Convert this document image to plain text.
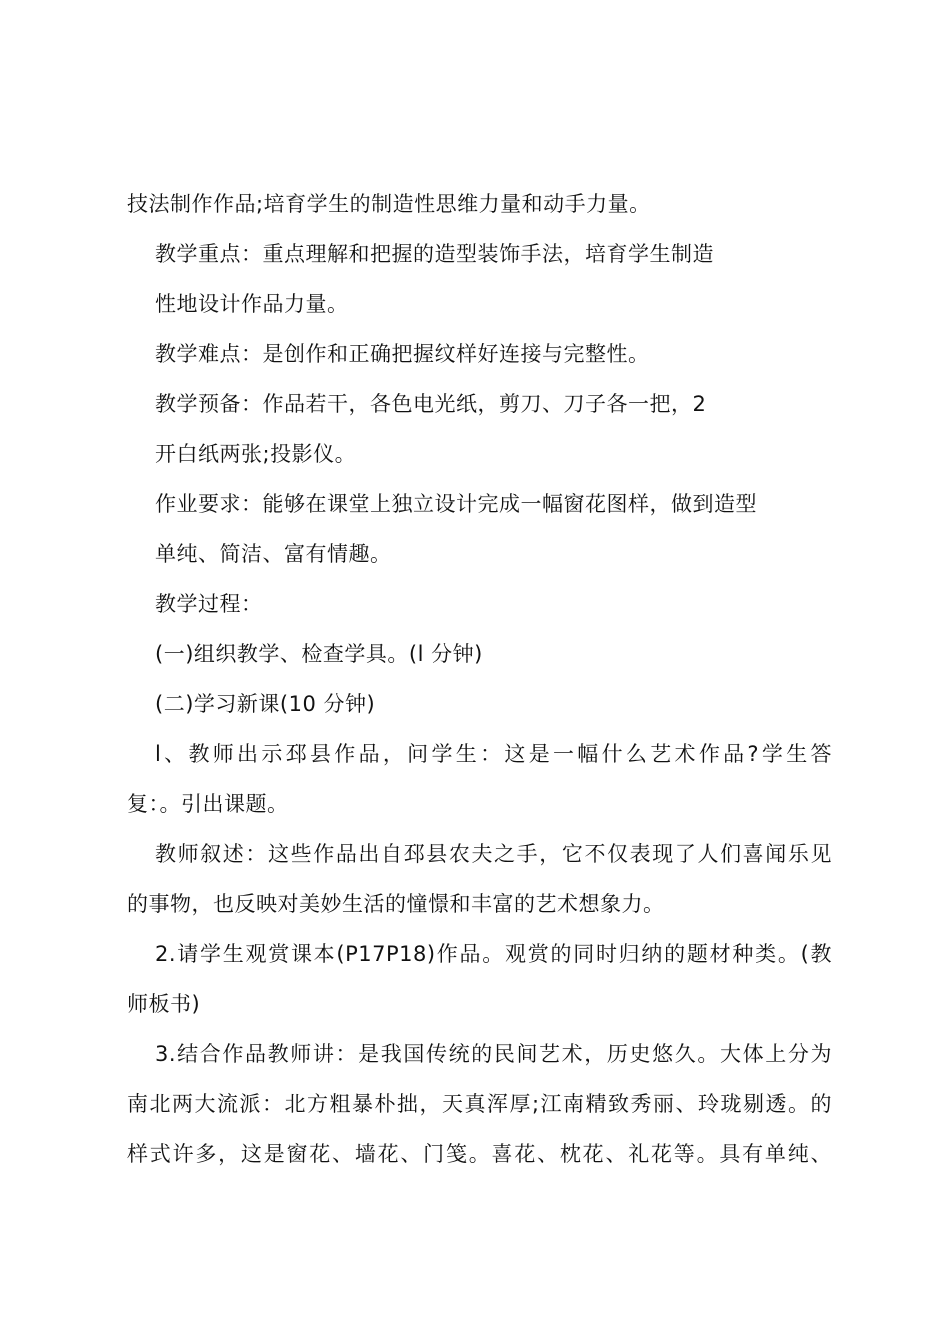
技法制作作品;培育学生的制造性思维力量和动手力量。
教学重点：重点理解和把握的造型装饰手法，培育学生制造
性地设计作品力量。
教学难点：是创作和正确把握纹样好连接与完整性。
教学预备：作品若干，各色电光纸，剪刀、刀子各一把，2
开白纸两张;投影仪。
作业要求：能够在课堂上独立设计完成一幅窗花图样，做到造型
单纯、简洁、富有情趣。
教学过程：
(一)组织教学、检查学具。(l 分钟)
(二)学习新课(10 分钟)
l、教师出示邳县作品，问学生：这是一幅什么艺术作品?学生答
复：。引出课题。
教师叙述：这些作品出自邳县农夫之手，它不仅表现了人们喜闻乐见
的事物，也反映对美妙生活的憧憬和丰富的艺术想象力。
2.请学生观赏课本(P17P18)作品。观赏的同时归纳的题材种类。(教
师板书)
3.结合作品教师讲：是我国传统的民间艺术，历史悠久。大体上分为
南北两大流派：北方粗暴朴拙，天真浑厚;江南精致秀丽、玲珑剔透。的
样式许多，这是窗花、墙花、门笺。喜花、枕花、礼花等。具有单纯、
